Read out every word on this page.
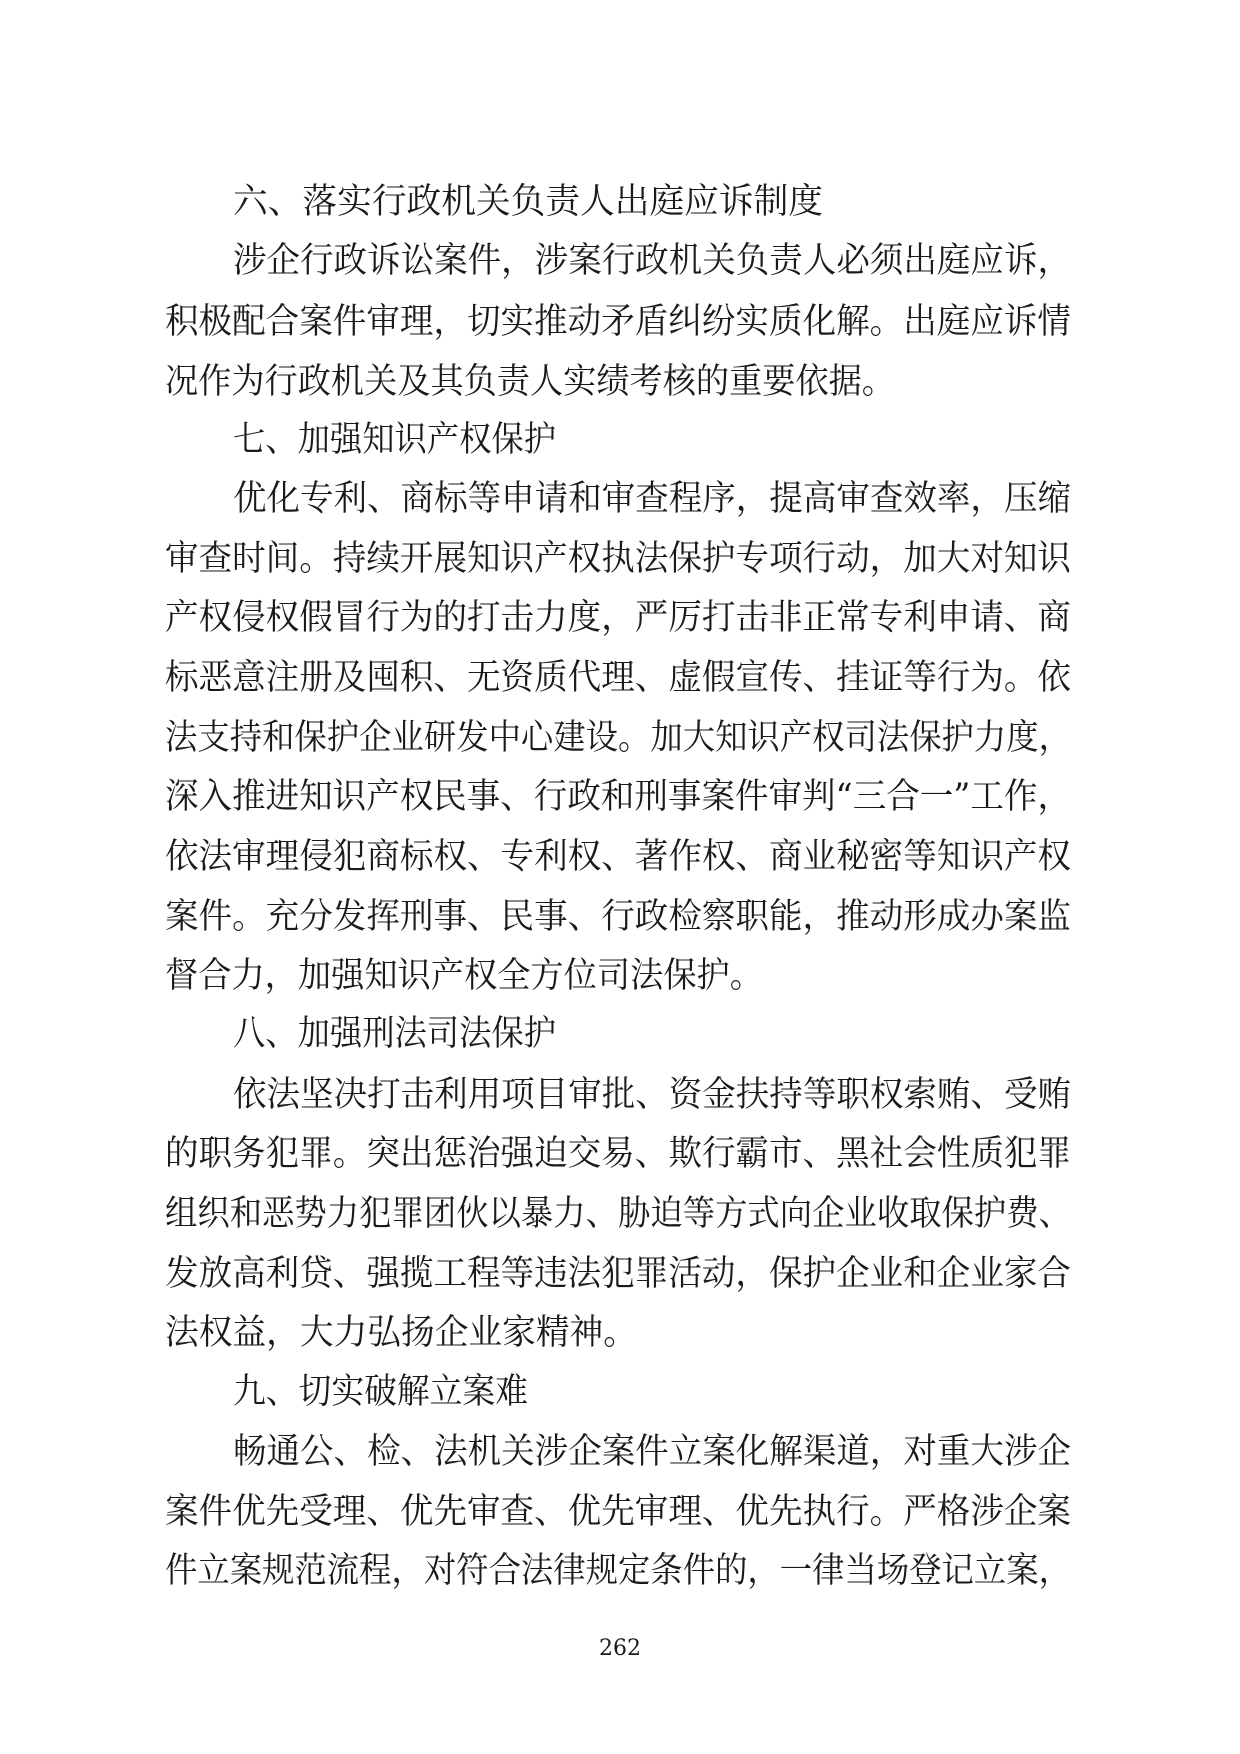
六、落实行政机关负责人出庭应诉制度
涉企行政诉讼案件，涉案行政机关负责人必须出庭应诉，
积极配合案件审理，切实推动矛盾纠纷实质化解。出庭应诉情
况作为行政机关及其负责人实绩考核的重要依据。
七、加强知识产权保护
优化专利、商标等申请和审查程序，提高审查效率，压缩
审查时间。持续开展知识产权执法保护专项行动，加大对知识
产权侵权假冒行为的打击力度，严厉打击非正常专利申请、商
标恶意注册及囤积、无资质代理、虚假宣传、挂证等行为。依
法支持和保护企业研发中心建设。加大知识产权司法保护力度，
深入推进知识产权民事、行政和刑事案件审判“三合一”工作，
依法审理侵犯商标权、专利权、著作权、商业秘密等知识产权
案件。充分发挥刑事、民事、行政检察职能，推动形成办案监
督合力，加强知识产权全方位司法保护。
八、加强刑法司法保护
依法坚决打击利用项目审批、资金扶持等职权索贿、受贿
的职务犯罪。突出惩治强迫交易、欺行霸市、黑社会性质犯罪
组织和恶势力犯罪团伙以暴力、胁迫等方式向企业收取保护费、
发放高利贷、强揽工程等违法犯罪活动，保护企业和企业家合
法权益，大力弘扬企业家精神。
九、切实破解立案难
畅通公、检、法机关涉企案件立案化解渠道，对重大涉企
案件优先受理、优先审查、优先审理、优先执行。严格涉企案
件立案规范流程，对符合法律规定条件的，一律当场登记立案，
262
